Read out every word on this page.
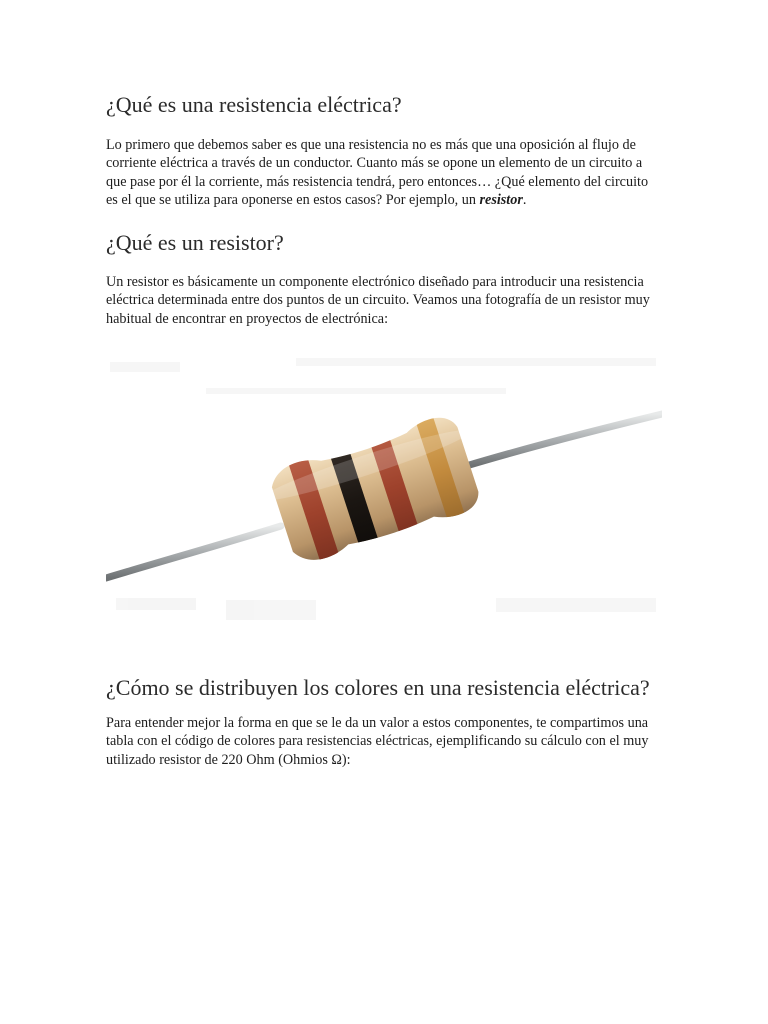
¿Qué es una resistencia eléctrica?

Lo primero que debemos saber es que una resistencia no es más que una oposición al flujo de
corriente eléctrica a través de un conductor. Cuanto más se opone un elemento de un circuito a
que pase por él la corriente, más resistencia tendrá, pero entonces… ¿Qué elemento del circuito
es el que se utiliza para oponerse en estos casos? Por ejemplo, un resistor.

¿Qué es un resistor?

Un resistor es básicamente un componente electrónico diseñado para introducir una resistencia
eléctrica determinada entre dos puntos de un circuito. Veamos una fotografía de un resistor muy
habitual de encontrar en proyectos de electrónica:

¿Cómo se distribuyen los colores en una resistencia eléctrica?

Para entender mejor la forma en que se le da un valor a estos componentes, te compartimos una
tabla con el código de colores para resistencias eléctricas, ejemplificando su cálculo con el muy
utilizado resistor de 220 Ohm (Ohmios Ω):
